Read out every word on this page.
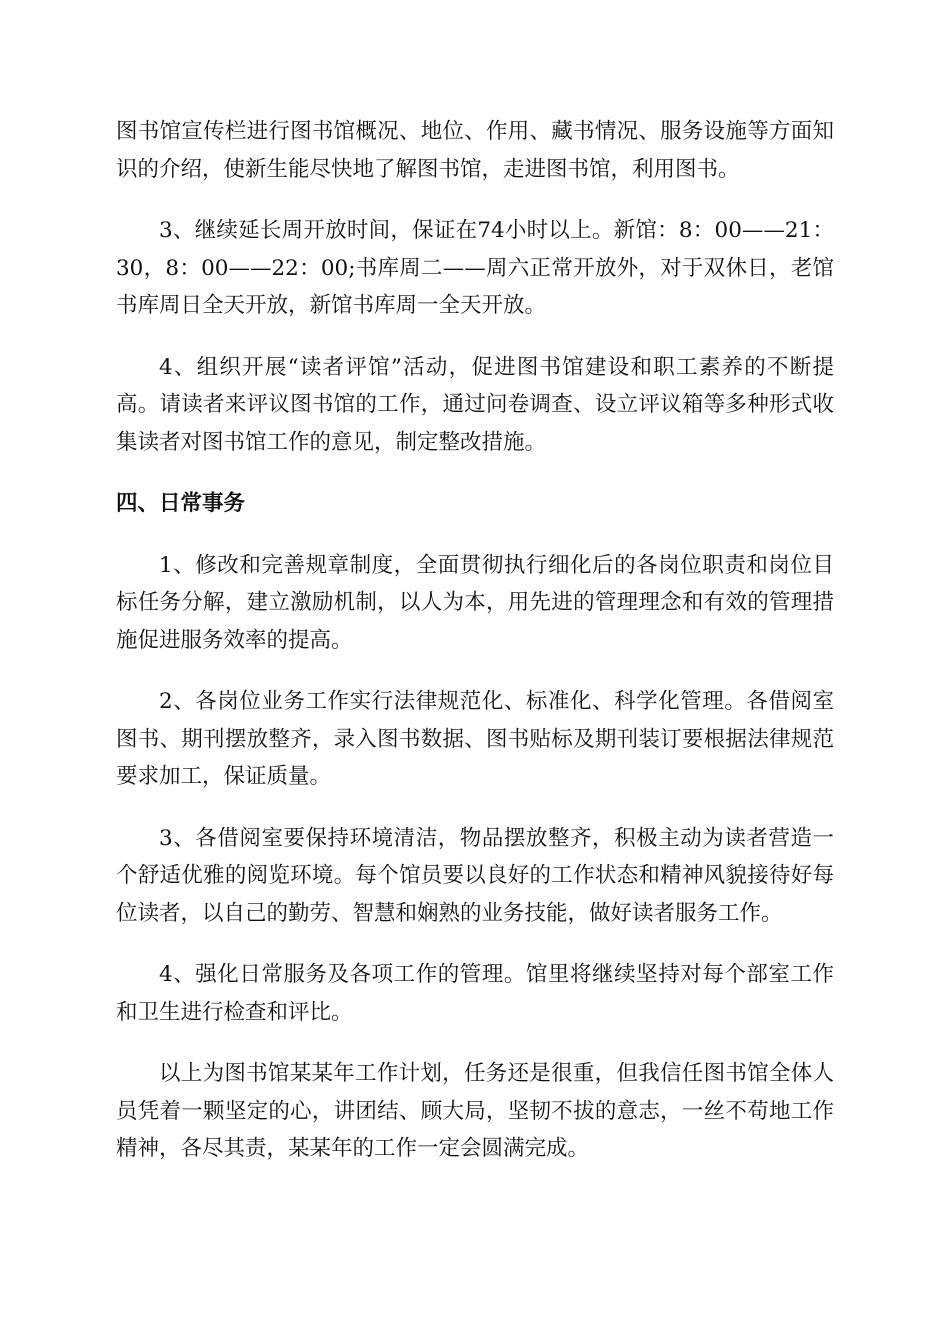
图书馆宣传栏进行图书馆概况、地位、作用、藏书情况、服务设施等方面知识的介绍，使新生能尽快地了解图书馆，走进图书馆，利用图书。

3、继续延长周开放时间，保证在74小时以上。新馆：8：00——21：30，8：00——22：00;书库周二——周六正常开放外，对于双休日，老馆书库周日全天开放，新馆书库周一全天开放。

4、组织开展“读者评馆”活动，促进图书馆建设和职工素养的不断提高。请读者来评议图书馆的工作，通过问卷调查、设立评议箱等多种形式收集读者对图书馆工作的意见，制定整改措施。

四、日常事务

1、修改和完善规章制度，全面贯彻执行细化后的各岗位职责和岗位目标任务分解，建立激励机制，以人为本，用先进的管理理念和有效的管理措施促进服务效率的提高。

2、各岗位业务工作实行法律规范化、标准化、科学化管理。各借阅室图书、期刊摆放整齐，录入图书数据、图书贴标及期刊装订要根据法律规范要求加工，保证质量。

3、各借阅室要保持环境清洁，物品摆放整齐，积极主动为读者营造一个舒适优雅的阅览环境。每个馆员要以良好的工作状态和精神风貌接待好每位读者，以自己的勤劳、智慧和娴熟的业务技能，做好读者服务工作。

4、强化日常服务及各项工作的管理。馆里将继续坚持对每个部室工作和卫生进行检查和评比。

以上为图书馆某某年工作计划，任务还是很重，但我信任图书馆全体人员凭着一颗坚定的心，讲团结、顾大局，坚韧不拔的意志，一丝不苟地工作精神，各尽其责，某某年的工作一定会圆满完成。
